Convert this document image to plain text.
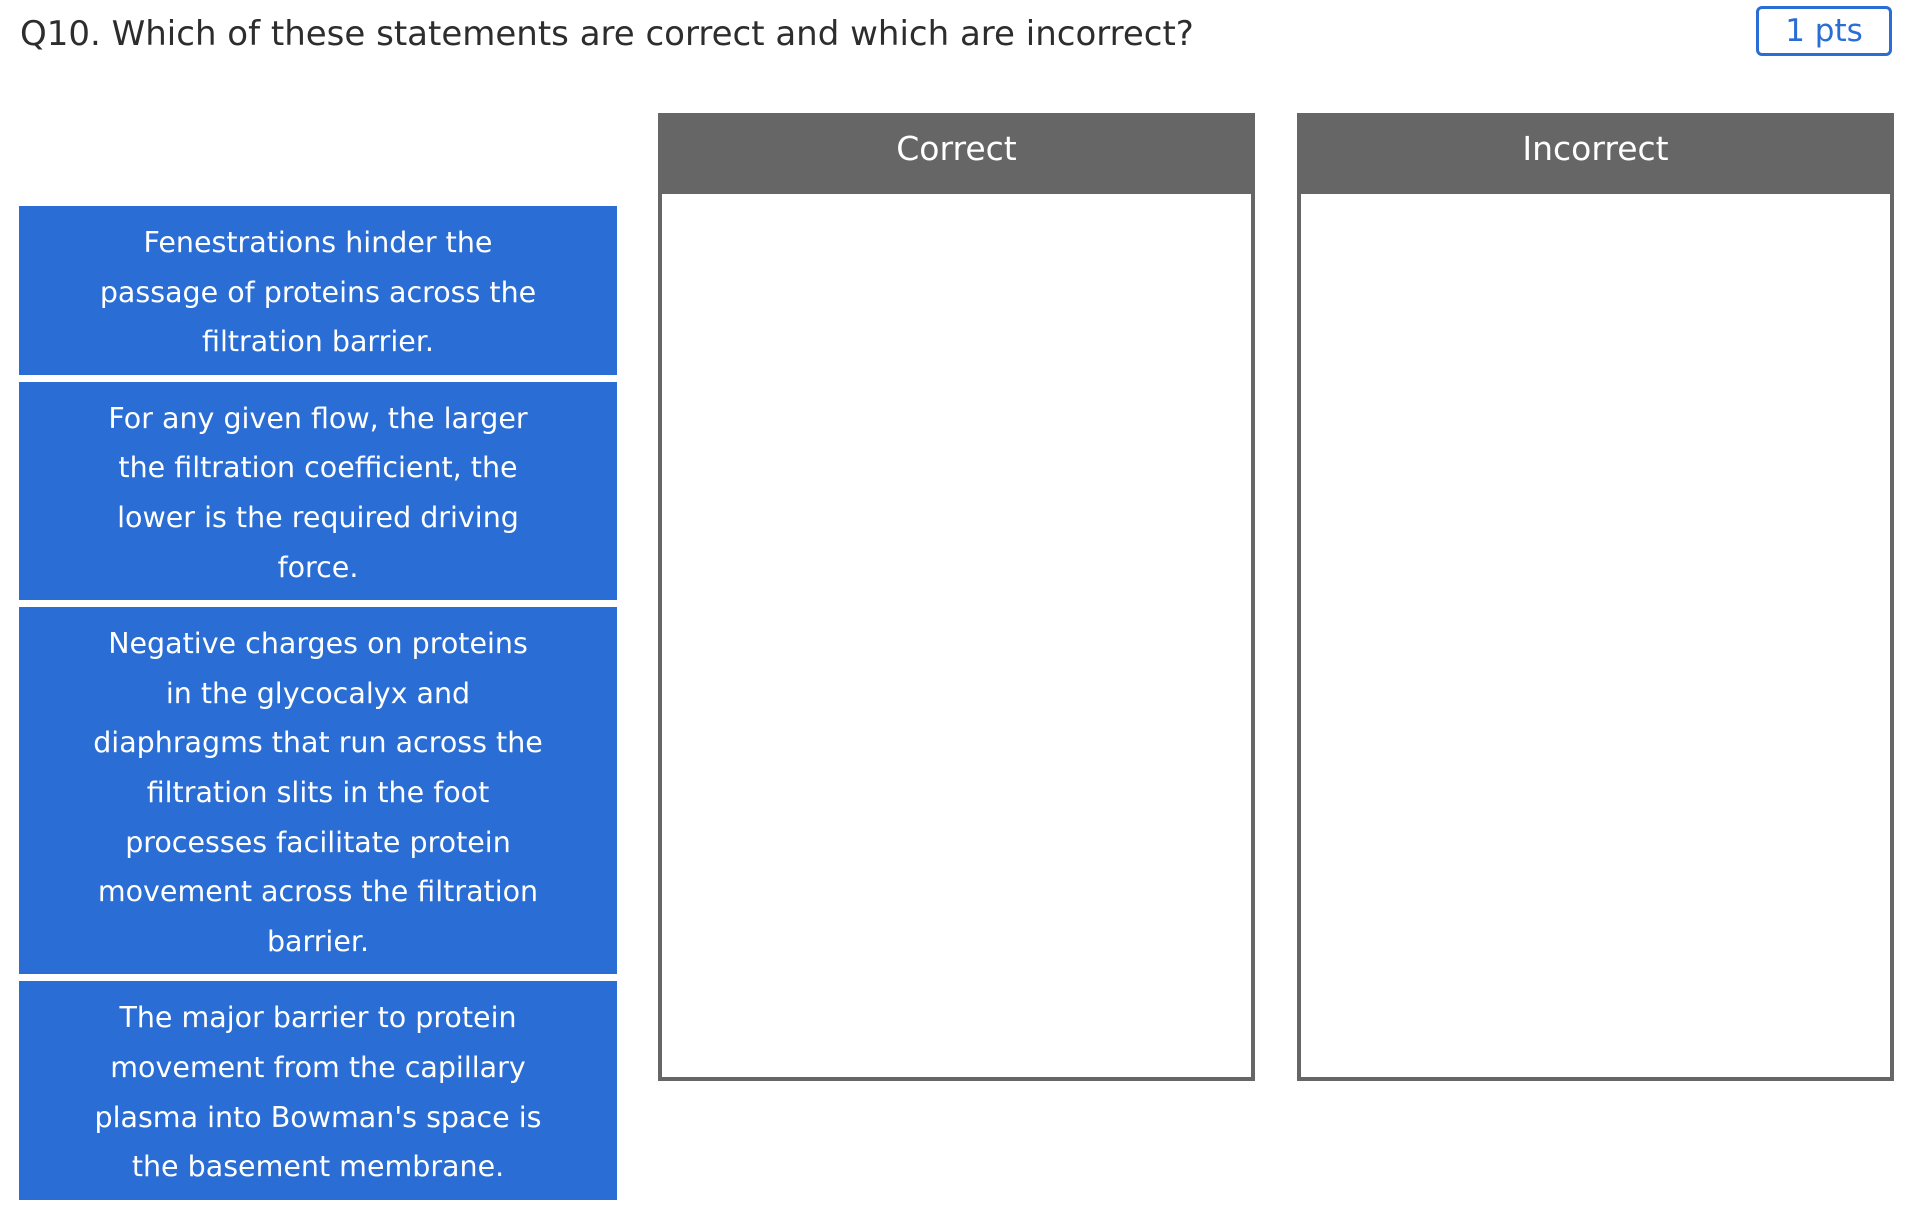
Q10. Which of these statements are correct and which are incorrect?	1 pts
Fenestrations hinder the passage of proteins across the filtration barrier.
For any given flow, the larger the filtration coefficient, the lower is the required driving force.
Negative charges on proteins in the glycocalyx and diaphragms that run across the filtration slits in the foot processes facilitate protein movement across the filtration barrier.
The major barrier to protein movement from the capillary plasma into Bowman's space is the basement membrane.
Correct	Incorrect
